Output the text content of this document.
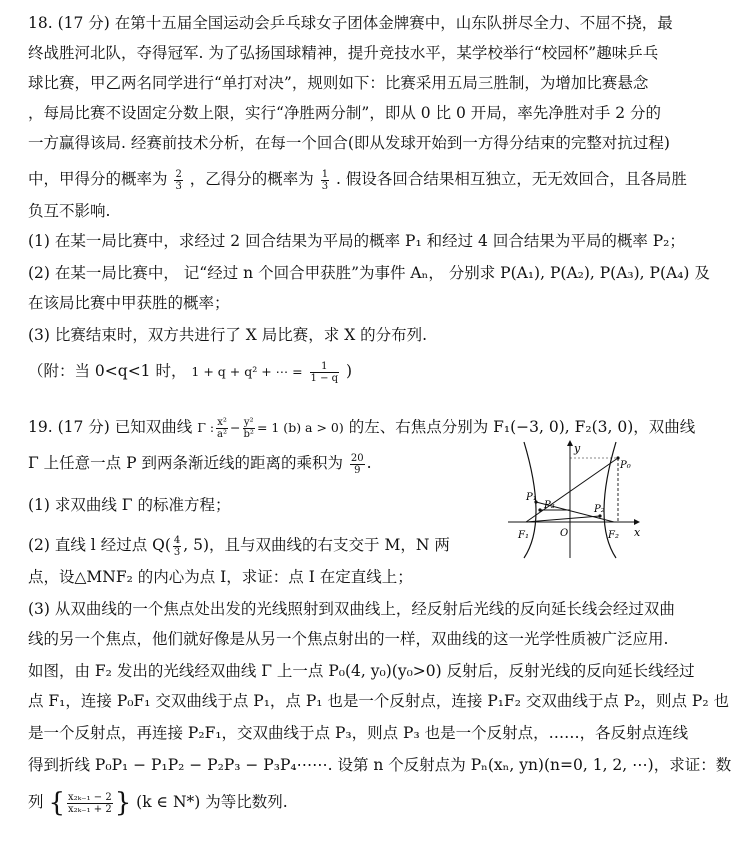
18. (17 分) 在第十五届全国运动会乒乓球女子团体金牌赛中，山东队拼尽全力、不屈不挠，最
终战胜河北队，夺得冠军. 为了弘扬国球精神，提升竞技水平，某学校举行“校园杯”趣味乒乓
球比赛，甲乙两名同学进行“单打对决”，规则如下：比赛采用五局三胜制，为增加比赛悬念
，每局比赛不设固定分数上限，实行“净胜两分制”，即从 0 比 0 开局，率先净胜对手 2 分的
一方赢得该局. 经赛前技术分析，在每一个回合(即从发球开始到一方得分结束的完整对抗过程)
中，甲得分的概率为 $\frac{2}{3}$ ，乙得分的概率为 $\frac{1}{3}$ . 假设各回合结果相互独立，无无效回合，且各局胜
负互不影响.
(1) 在某一局比赛中，求经过 2 回合结果为平局的概率 P₁ 和经过 4 回合结果为平局的概率 P₂；
(2) 在某一局比赛中， 记“经过 n 个回合甲获胜”为事件 Aₙ， 分别求 P(A₁), P(A₂), P(A₃), P(A₄) 及
在该局比赛中甲获胜的概率；
(3) 比赛结束时，双方共进行了 X 局比赛，求 X 的分布列.
（附：当 0<q<1 时， 1 + q + q² + ⋯ = $\frac{1}{1 - q}$ )
19. (17 分) 已知双曲线 Γ : $\frac{\text{x²}}{\text{a²}} - \frac{\text{y²}}{\text{b²}} = 1$ (b) a > 0) 的左、右焦点分别为 F₁(−3, 0), F₂(3, 0)，双曲线
Γ 上任意一点 P 到两条渐近线的距离的乘积为 $\frac{20}{9}$ .
(1) 求双曲线 Γ 的标准方程；
(2) 直线 l 经过点 $Q( \frac{4}{3}$ , 5)，且与双曲线的右支交于 M，N 两
点，设△MNF₂ 的内心为点 I，求证：点 I 在定直线上；
(3) 从双曲线的一个焦点处出发的光线照射到双曲线上，经反射后光线的反向延长线会经过双曲
线的另一个焦点，他们就好像是从另一个焦点射出的一样，双曲线的这一光学性质被广泛应用.
如图，由 F₂ 发出的光线经双曲线 Γ 上一点 P₀(4, y₀)(y₀>0) 反射后，反射光线的反向延长线经过
点 F₁，连接 P₀F₁ 交双曲线于点 P₁，点 P₁ 也是一个反射点，连接 P₁F₂ 交双曲线于点 P₂，则点 P₂ 也
是一个反射点，再连接 P₂F₁，交双曲线于点 P₃，则点 P₃ 也是一个反射点，……，各反射点连线
得到折线 P₀P₁ − P₁P₂ − P₂P₃ − P₃P₄⋯⋯. 设第 n 个反射点为 Pₙ(xₙ, yn)(n=0, 1, 2, ⋯)，求证：数
列 { $\frac{\text{x₂ₖ₋₁ − 2}}{\text{x₂ₖ₋₁ + 2}}$ } (k ∈ N*) 为等比数列.
y
x
O
F₁	F₂
P₀
P₁
P₂
P₃
